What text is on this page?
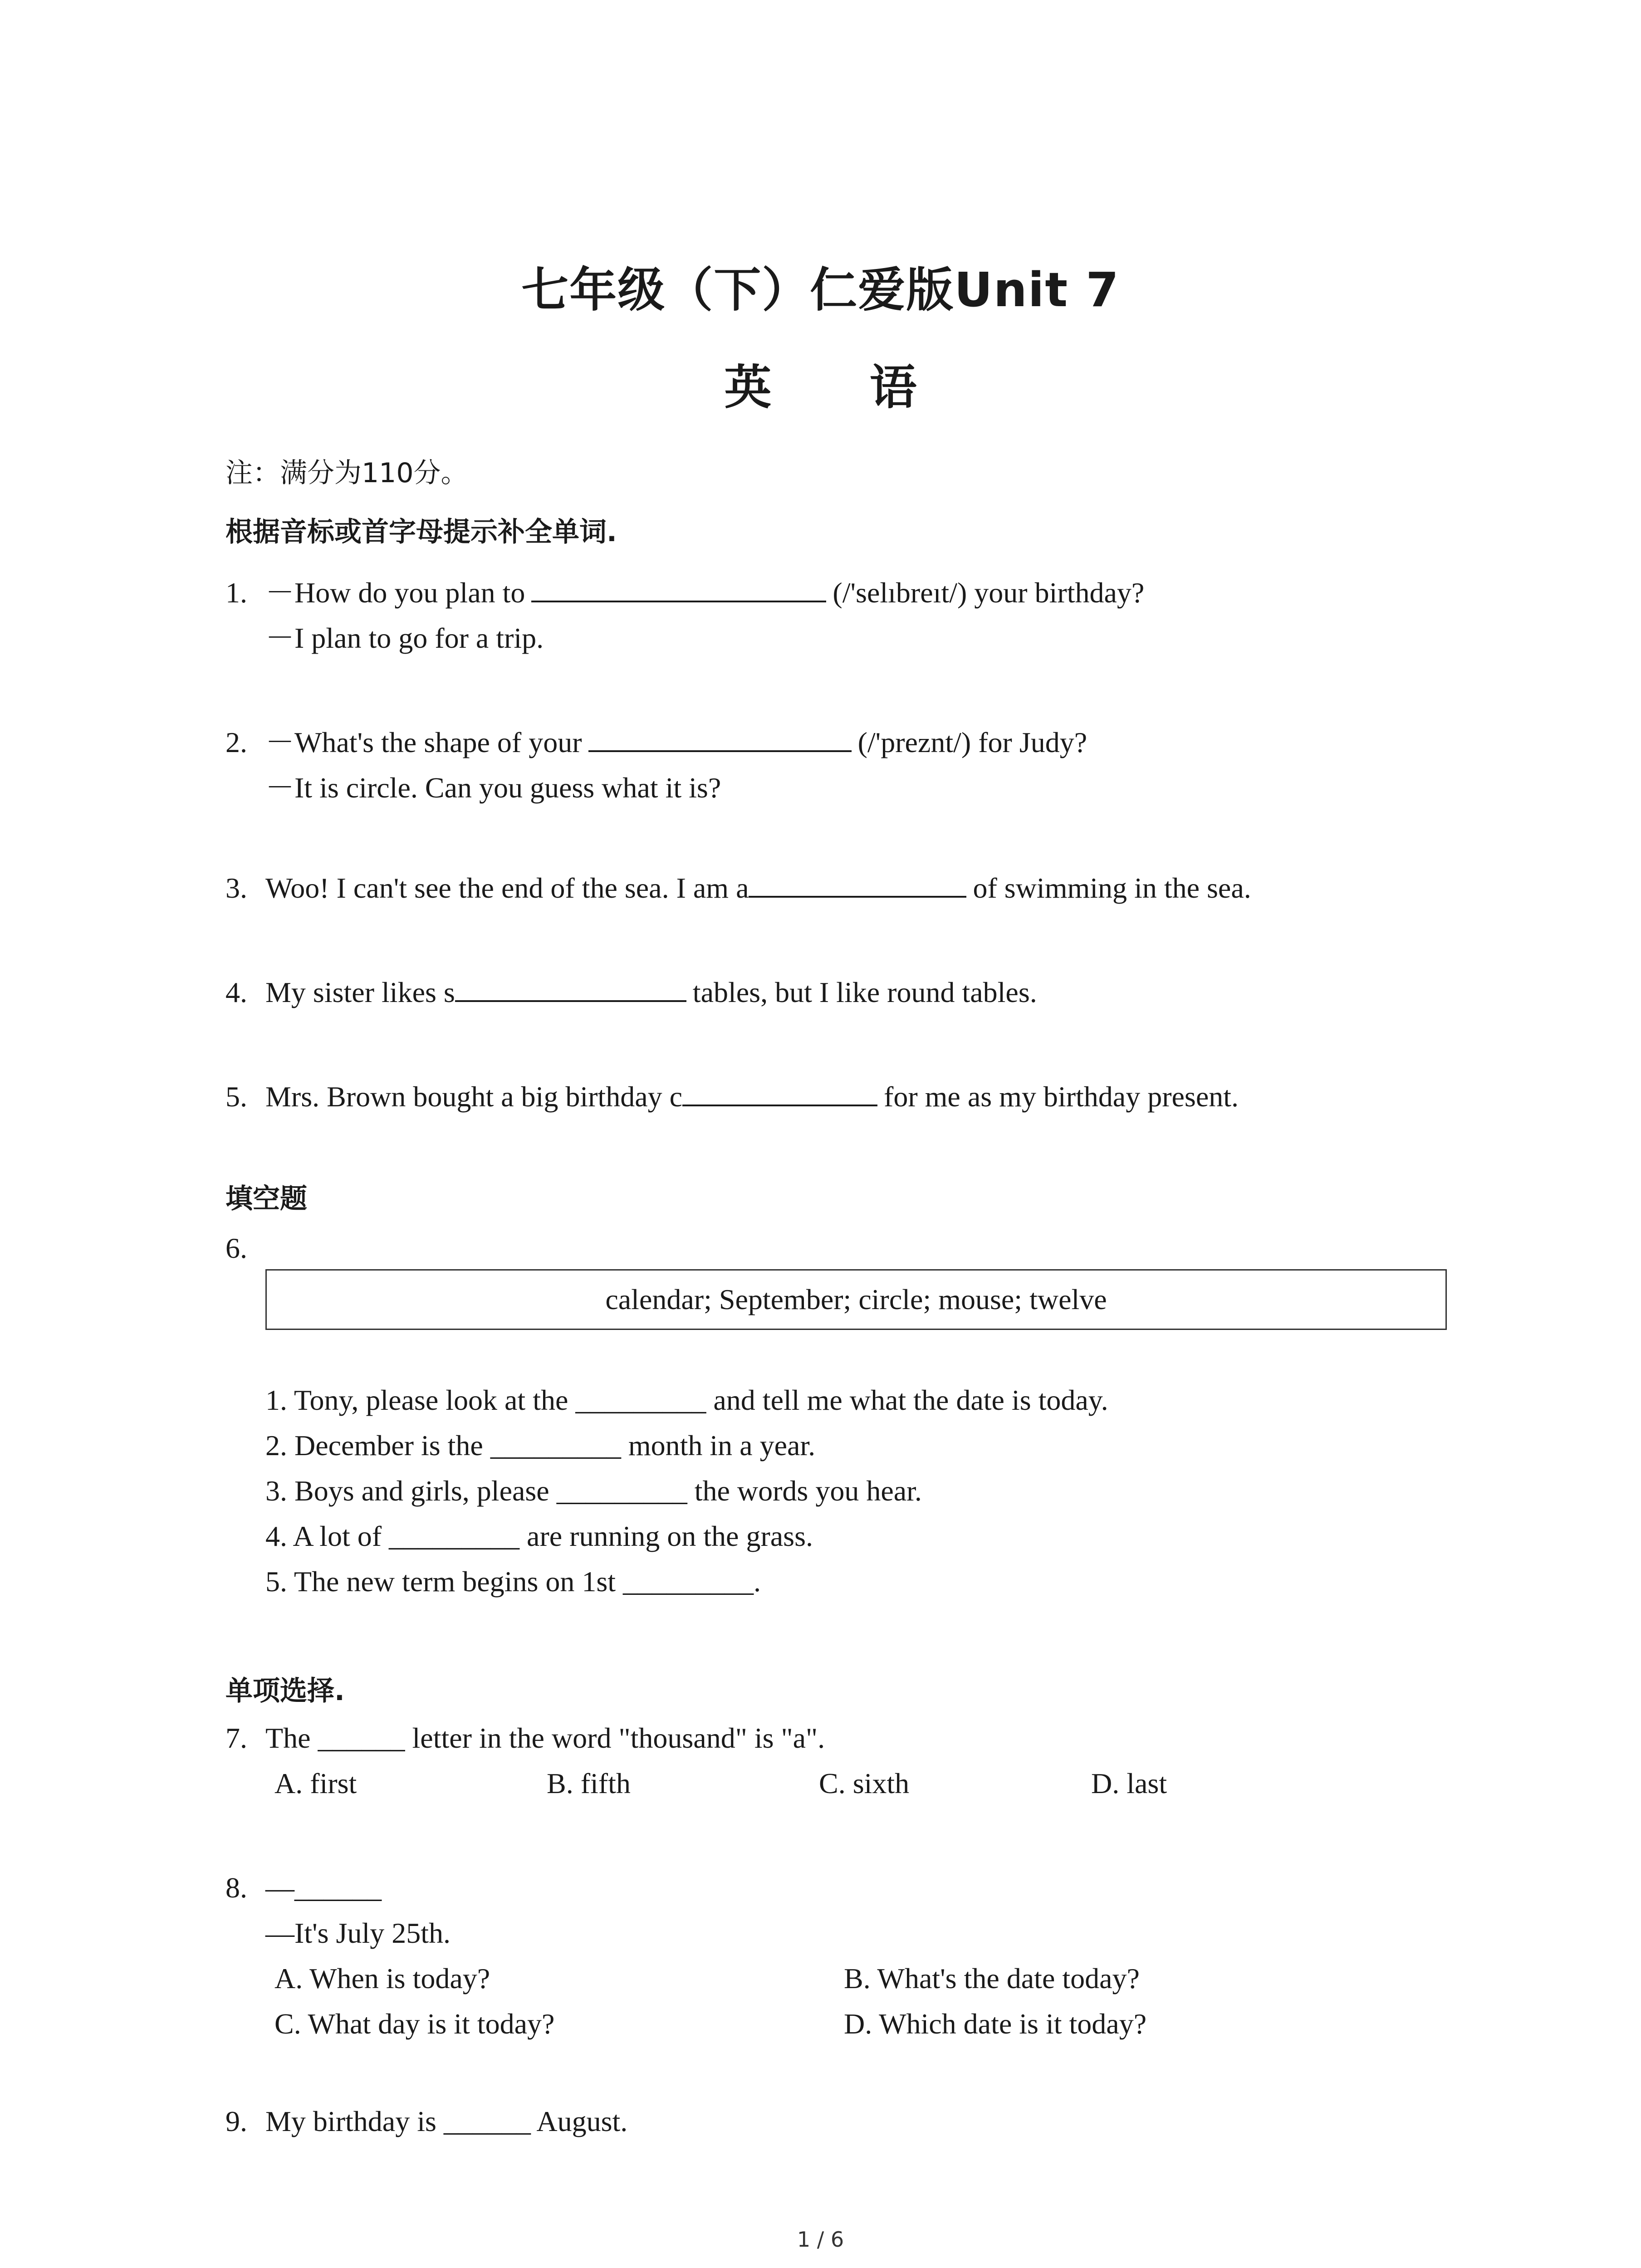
七年级（下）仁爱版Unit 7
英 语
注：满分为110分。
根据音标或首字母提示补全单词.
1. －How do you plan to	(/'selıbreıt/) your birthday?
－I plan to go for a trip.
2. －What's the shape of your	(/'preznt/) for Judy?
－It is circle. Can you guess what it is?
3. Woo! I can't see the end of the sea. I am a	of swimming in the sea.
4. My sister likes s	tables, but I like round tables.
5. Mrs. Brown bought a big birthday c	for me as my birthday present.
填空题
6.
calendar; September; circle; mouse; twelve
1. Tony, please look at the _________ and tell me what the date is today.
2. December is the _________ month in a year.
3. Boys and girls, please _________ the words you hear.
4. A lot of _________ are running on the grass.
5. The new term begins on 1st _________.
单项选择.
7. The ______ letter in the word "thousand" is "a".
A. first	B. fifth	C. sixth	D. last
8. —______
—It's July 25th.
A. When is today?	B. What's the date today?
C. What day is it today?	D. Which date is it today?
9. My birthday is ______ August.
1 / 6
